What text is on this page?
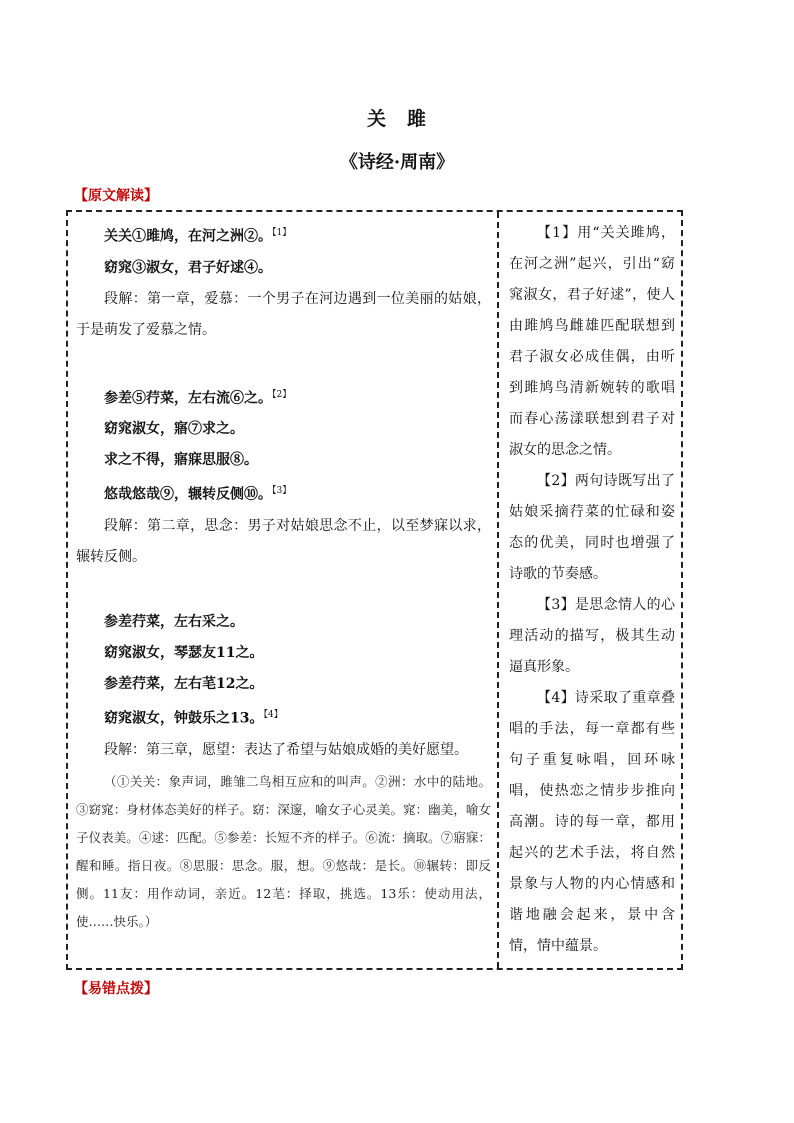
关　雎
《诗经·周南》
【原文解读】
关关①雎鸠，在河之洲②。$^{【1】}$
窈窕③淑女，君子好逑④。

段解：第一章，爱慕：一个男子在河边遇到一位美丽的姑娘，于是萌发了爱慕之情。

参差⑤荇菜，左右流⑥之。$^{【2】}$
窈窕淑女，寤⑦求之。
求之不得，寤寐思服⑧。
悠哉悠哉⑨，辗转反侧⑩。$^{【3】}$

段解：第二章，思念：男子对姑娘思念不止，以至梦寐以求，辗转反侧。

参差荇菜，左右采之。
窈窕淑女，琴瑟友11之。
参差荇菜，左右芼12之。
窈窕淑女，钟鼓乐之13。$^{【4】}$

段解：第三章，愿望：表达了希望与姑娘成婚的美好愿望。

（①关关：象声词，雎雏二鸟相互应和的叫声。②洲：水中的陆地。③窈窕：身材体态美好的样子。窈：深邃，喻女子心灵美。窕：幽美，喻女子仪表美。④逑：匹配。⑤参差：长短不齐的样子。⑥流：摘取。⑦寤寐：醒和睡。指日夜。⑧思服：思念。服，想。⑨悠哉：是长。⑩辗转：即反侧。11友：用作动词，亲近。12芼：择取，挑选。13乐：使动用法，使……快乐。）

【1】用“关关雎鸠，在河之洲”起兴，引出“窈窕淑女，君子好逑”，使人由雎鸠鸟雌雄匹配联想到君子淑女必成佳偶，由听到雎鸠鸟清新婉转的歌唱而春心荡漾联想到君子对淑女的思念之情。

【2】两句诗既写出了姑娘采摘荇菜的忙碌和姿态的优美，同时也增强了诗歌的节奏感。

【3】是思念情人的心理活动的描写，极其生动逼真形象。

【4】诗采取了重章叠唱的手法，每一章都有些句子重复咏唱，回环咏唱，使热恋之情步步推向高潮。诗的每一章，都用起兴的艺术手法，将自然景象与人物的内心情感和谐地融会起来，景中含情，情中蕴景。

【易错点拨】
